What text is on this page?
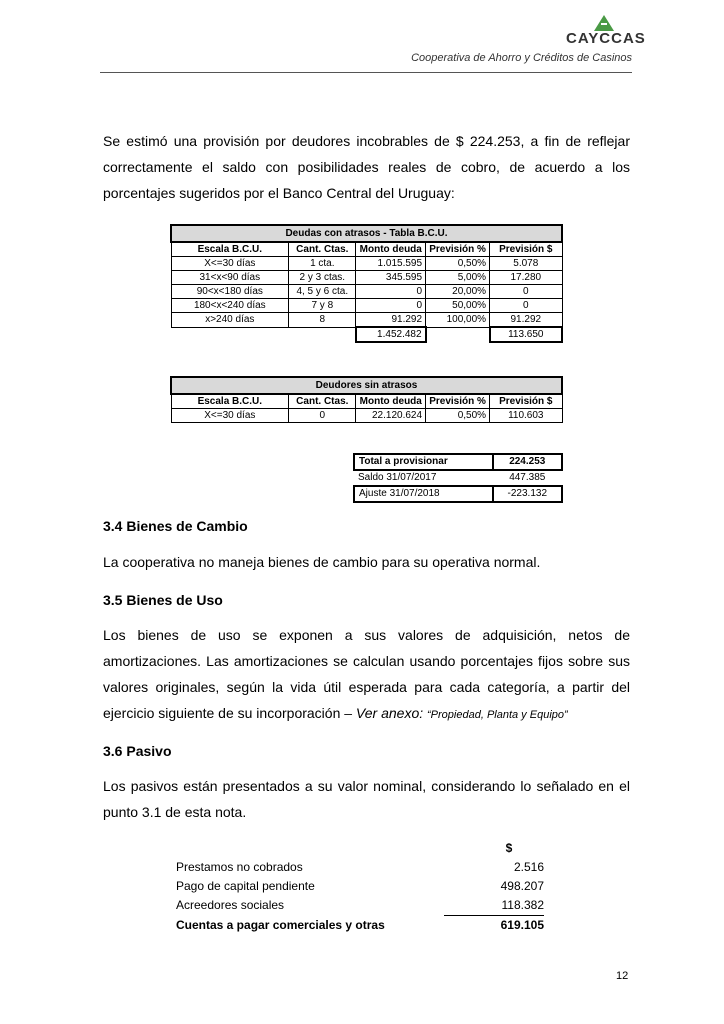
CAYCCAS
Cooperativa de Ahorro y Créditos de Casinos

Se estimó una provisión por deudores incobrables de $ 224.253, a fin de reflejar correctamente el saldo con posibilidades reales de cobro, de acuerdo a los porcentajes sugeridos por el Banco Central del Uruguay:

Deudas con atrasos - Tabla B.C.U.				
Escala B.C.U.	Cant. Ctas.	Monto deuda	Previsión %	Previsión $
X<=30 días	1 cta.	1.015.595	0,50%	5.078
31<x<90 días	2 y 3 ctas.	345.595	5,00%	17.280
90<x<180 días	4, 5 y 6 cta.	0	20,00%	0
180<x<240 días	7 y 8	0	50,00%	0
x>240 días	8	91.292	100,00%	91.292
		1.452.482		113.650
Deudores sin atrasos				
Escala B.C.U.	Cant. Ctas.	Monto deuda	Previsión %	Previsión $
X<=30 días	0	22.120.624	0,50%	110.603
Total a provisionar	224.253
Saldo 31/07/2017	447.385
Ajuste 31/07/2018	-223.132
3.4 Bienes de Cambio

La cooperativa no maneja bienes de cambio para su operativa normal.

3.5 Bienes de Uso

Los bienes de uso se exponen a sus valores de adquisición, netos de amortizaciones. Las amortizaciones se calculan usando porcentajes fijos sobre sus valores originales, según la vida útil esperada para cada categoría, a partir del ejercicio siguiente de su incorporación – Ver anexo: “Propiedad, Planta y Equipo”

3.6 Pasivo

Los pasivos están presentados a su valor nominal, considerando lo señalado en el punto 3.1 de esta nota.

	$
Prestamos no cobrados	2.516
Pago de capital pendiente	498.207
Acreedores sociales	118.382
Cuentas a pagar comerciales y otras	619.105
12
